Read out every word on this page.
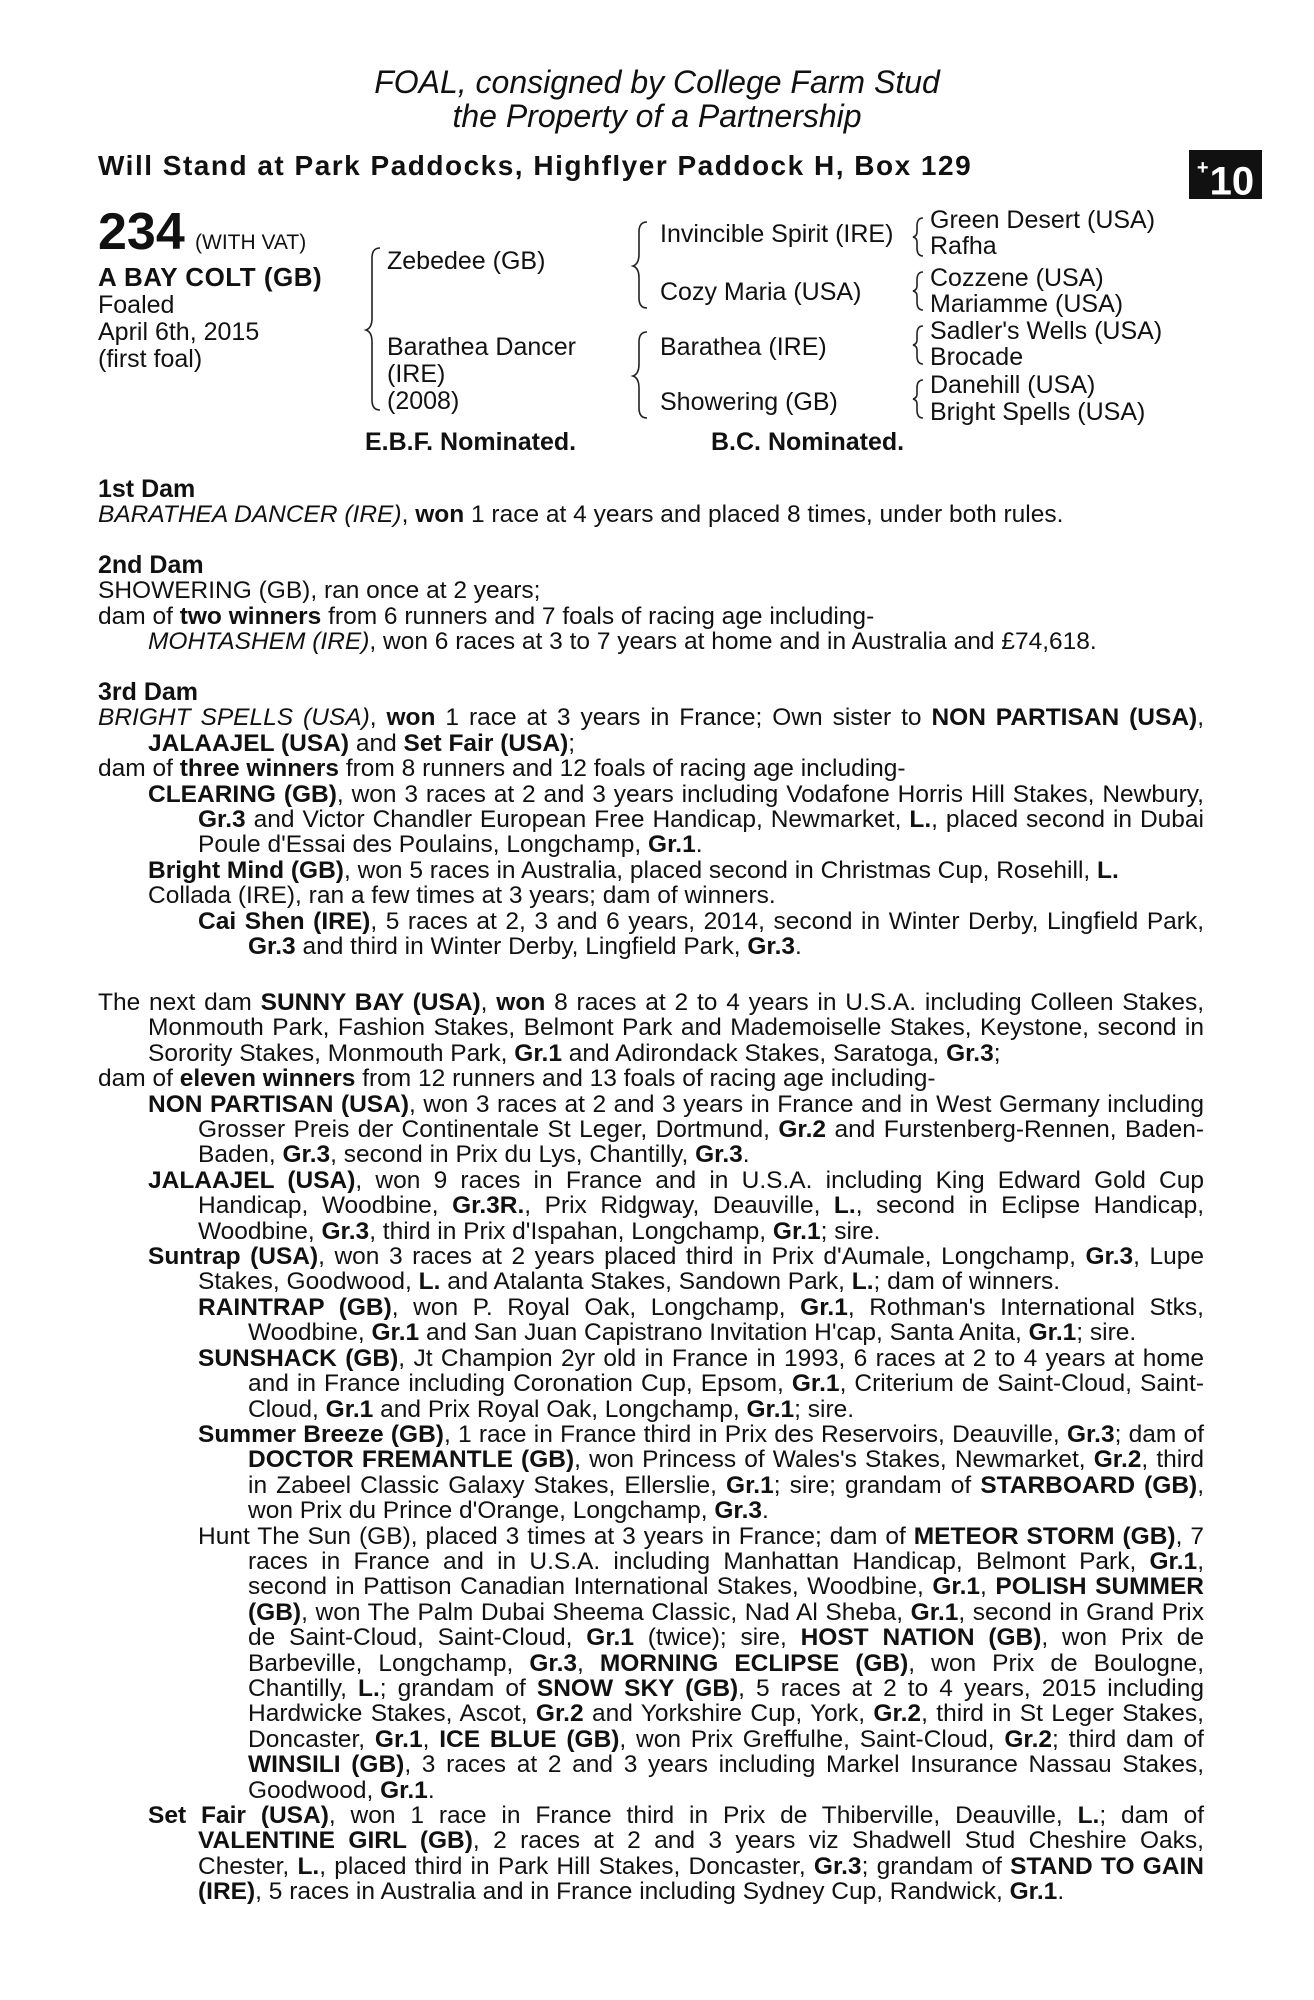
FOAL, consigned by College Farm Stud
the Property of a Partnership
Will Stand at Park Paddocks, Highflyer Paddock H, Box 129	+10
234 (WITH VAT)
A BAY COLT (GB)
Foaled
April 6th, 2015
(first foal)
Zebedee (GB)
Barathea Dancer
(IRE)
(2008)
Invincible Spirit (IRE)
Cozy Maria (USA)
Barathea (IRE)
Showering (GB)
Green Desert (USA)
Rafha
Cozzene (USA)
Mariamme (USA)
Sadler's Wells (USA)
Brocade
Danehill (USA)
Bright Spells (USA)
E.B.F. Nominated.	B.C. Nominated.

1st Dam

BARATHEA DANCER (IRE), won 1 race at 4 years and placed 8 times, under both rules.

2nd Dam

SHOWERING (GB), ran once at 2 years;

dam of two winners from 6 runners and 7 foals of racing age including-

MOHTASHEM (IRE), won 6 races at 3 to 7 years at home and in Australia and £74,618.

3rd Dam

BRIGHT SPELLS (USA), won 1 race at 3 years in France; Own sister to NON PARTISAN (USA), JALAAJEL (USA) and Set Fair (USA);

dam of three winners from 8 runners and 12 foals of racing age including-

CLEARING (GB), won 3 races at 2 and 3 years including Vodafone Horris Hill Stakes, Newbury, Gr.3 and Victor Chandler European Free Handicap, Newmarket, L., placed second in Dubai Poule d'Essai des Poulains, Longchamp, Gr.1.

Bright Mind (GB), won 5 races in Australia, placed second in Christmas Cup, Rosehill, L.

Collada (IRE), ran a few times at 3 years; dam of winners.

Cai Shen (IRE), 5 races at 2, 3 and 6 years, 2014, second in Winter Derby, Lingfield Park, Gr.3 and third in Winter Derby, Lingfield Park, Gr.3.

The next dam SUNNY BAY (USA), won 8 races at 2 to 4 years in U.S.A. including Colleen Stakes, Monmouth Park, Fashion Stakes, Belmont Park and Mademoiselle Stakes, Keystone, second in Sorority Stakes, Monmouth Park, Gr.1 and Adirondack Stakes, Saratoga, Gr.3;

dam of eleven winners from 12 runners and 13 foals of racing age including-

NON PARTISAN (USA), won 3 races at 2 and 3 years in France and in West Germany including Grosser Preis der Continentale St Leger, Dortmund, Gr.2 and Furstenberg-Rennen, Baden-Baden, Gr.3, second in Prix du Lys, Chantilly, Gr.3.

JALAAJEL (USA), won 9 races in France and in U.S.A. including King Edward Gold Cup Handicap, Woodbine, Gr.3R., Prix Ridgway, Deauville, L., second in Eclipse Handicap, Woodbine, Gr.3, third in Prix d'Ispahan, Longchamp, Gr.1; sire.

Suntrap (USA), won 3 races at 2 years placed third in Prix d'Aumale, Longchamp, Gr.3, Lupe Stakes, Goodwood, L. and Atalanta Stakes, Sandown Park, L.; dam of winners.

RAINTRAP (GB), won P. Royal Oak, Longchamp, Gr.1, Rothman's International Stks, Woodbine, Gr.1 and San Juan Capistrano Invitation H'cap, Santa Anita, Gr.1; sire.

SUNSHACK (GB), Jt Champion 2yr old in France in 1993, 6 races at 2 to 4 years at home and in France including Coronation Cup, Epsom, Gr.1, Criterium de Saint-Cloud, Saint-Cloud, Gr.1 and Prix Royal Oak, Longchamp, Gr.1; sire.

Summer Breeze (GB), 1 race in France third in Prix des Reservoirs, Deauville, Gr.3; dam of DOCTOR FREMANTLE (GB), won Princess of Wales's Stakes, Newmarket, Gr.2, third in Zabeel Classic Galaxy Stakes, Ellerslie, Gr.1; sire; grandam of STARBOARD (GB), won Prix du Prince d'Orange, Longchamp, Gr.3.

Hunt The Sun (GB), placed 3 times at 3 years in France; dam of METEOR STORM (GB), 7 races in France and in U.S.A. including Manhattan Handicap, Belmont Park, Gr.1, second in Pattison Canadian International Stakes, Woodbine, Gr.1, POLISH SUMMER (GB), won The Palm Dubai Sheema Classic, Nad Al Sheba, Gr.1, second in Grand Prix de Saint-Cloud, Saint-Cloud, Gr.1 (twice); sire, HOST NATION (GB), won Prix de Barbeville, Longchamp, Gr.3, MORNING ECLIPSE (GB), won Prix de Boulogne, Chantilly, L.; grandam of SNOW SKY (GB), 5 races at 2 to 4 years, 2015 including Hardwicke Stakes, Ascot, Gr.2 and Yorkshire Cup, York, Gr.2, third in St Leger Stakes, Doncaster, Gr.1, ICE BLUE (GB), won Prix Greffulhe, Saint-Cloud, Gr.2; third dam of WINSILI (GB), 3 races at 2 and 3 years including Markel Insurance Nassau Stakes, Goodwood, Gr.1.

Set Fair (USA), won 1 race in France third in Prix de Thiberville, Deauville, L.; dam of VALENTINE GIRL (GB), 2 races at 2 and 3 years viz Shadwell Stud Cheshire Oaks, Chester, L., placed third in Park Hill Stakes, Doncaster, Gr.3; grandam of STAND TO GAIN (IRE), 5 races in Australia and in France including Sydney Cup, Randwick, Gr.1.
